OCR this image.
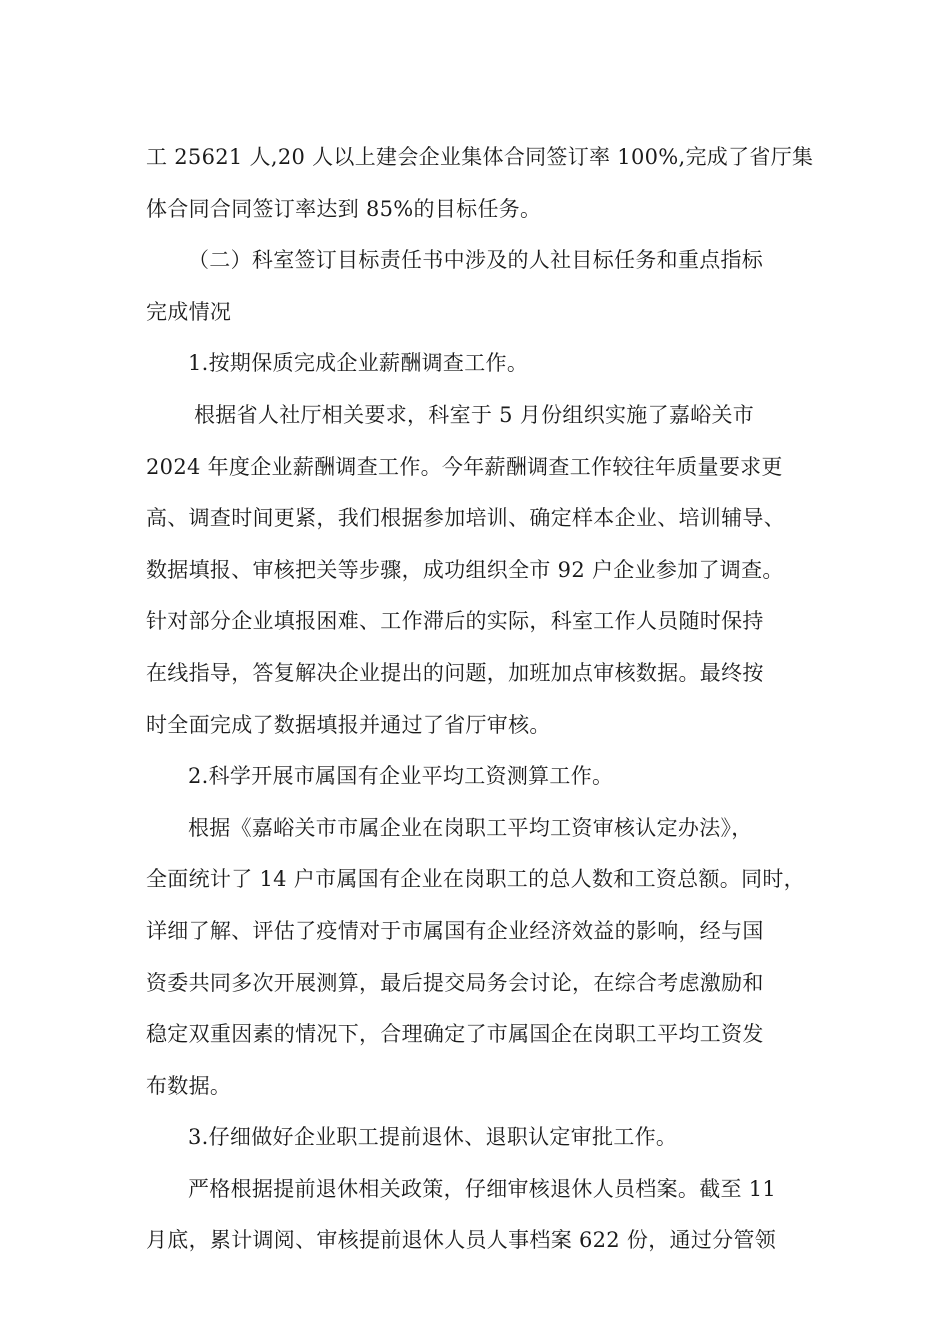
工 25621 人,20 人以上建会企业集体合同签订率 100%,完成了省厅集
体合同合同签订率达到 85%的目标任务。
（二）科室签订目标责任书中涉及的人社目标任务和重点指标
完成情况
1.按期保质完成企业薪酬调查工作。
根据省人社厅相关要求，科室于 5 月份组织实施了嘉峪关市
2024 年度企业薪酬调查工作。今年薪酬调查工作较往年质量要求更
高、调查时间更紧，我们根据参加培训、确定样本企业、培训辅导、
数据填报、审核把关等步骤，成功组织全市 92 户企业参加了调查。
针对部分企业填报困难、工作滞后的实际，科室工作人员随时保持
在线指导，答复解决企业提出的问题，加班加点审核数据。最终按
时全面完成了数据填报并通过了省厅审核。
2.科学开展市属国有企业平均工资测算工作。
根据《嘉峪关市市属企业在岗职工平均工资审核认定办法》，
全面统计了 14 户市属国有企业在岗职工的总人数和工资总额。同时，
详细了解、评估了疫情对于市属国有企业经济效益的影响，经与国
资委共同多次开展测算，最后提交局务会讨论，在综合考虑激励和
稳定双重因素的情况下，合理确定了市属国企在岗职工平均工资发
布数据。
3.仔细做好企业职工提前退休、退职认定审批工作。
严格根据提前退休相关政策，仔细审核退休人员档案。截至 11
月底，累计调阅、审核提前退休人员人事档案 622 份，通过分管领
